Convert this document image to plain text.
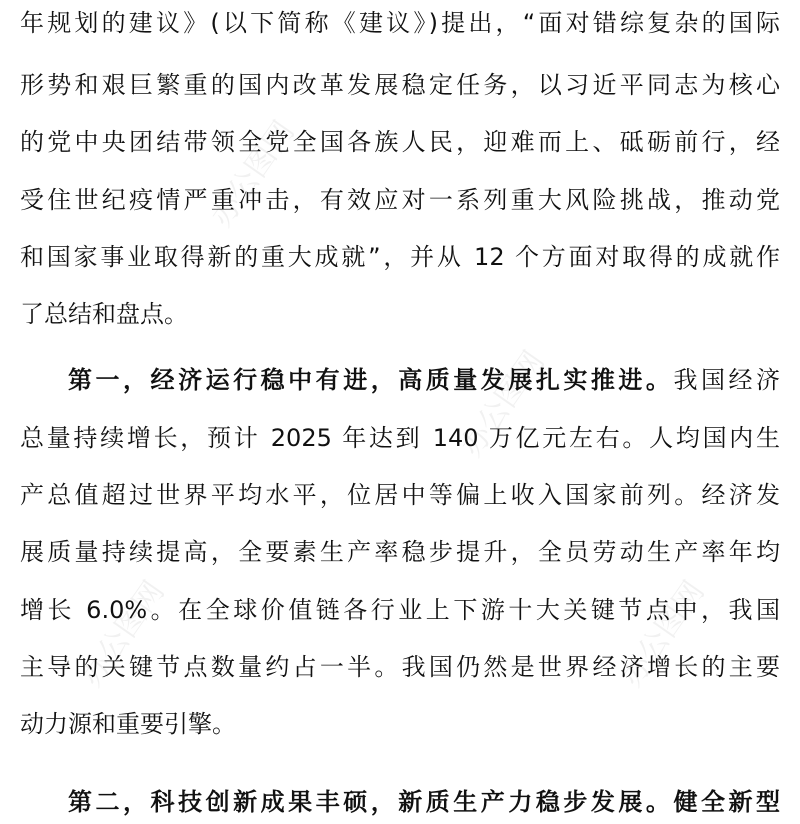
办公图网
办公图网
办公图网	办公图网
年规划的建议》(以下简称《建议》)提出，“面对错综复杂的国际
形势和艰巨繁重的国内改革发展稳定任务，以习近平同志为核心
的党中央团结带领全党全国各族人民，迎难而上、砥砺前行，经
受住世纪疫情严重冲击，有效应对一系列重大风险挑战，推动党
和国家事业取得新的重大成就”，并从 12 个方面对取得的成就作
了总结和盘点。
第一，经济运行稳中有进，高质量发展扎实推进。我国经济
总量持续增长，预计 2025 年达到 140 万亿元左右。人均国内生
产总值超过世界平均水平，位居中等偏上收入国家前列。经济发
展质量持续提高，全要素生产率稳步提升，全员劳动生产率年均
增长 6.0%。在全球价值链各行业上下游十大关键节点中，我国
主导的关键节点数量约占一半。我国仍然是世界经济增长的主要
动力源和重要引擎。
第二，科技创新成果丰硕，新质生产力稳步发展。健全新型
